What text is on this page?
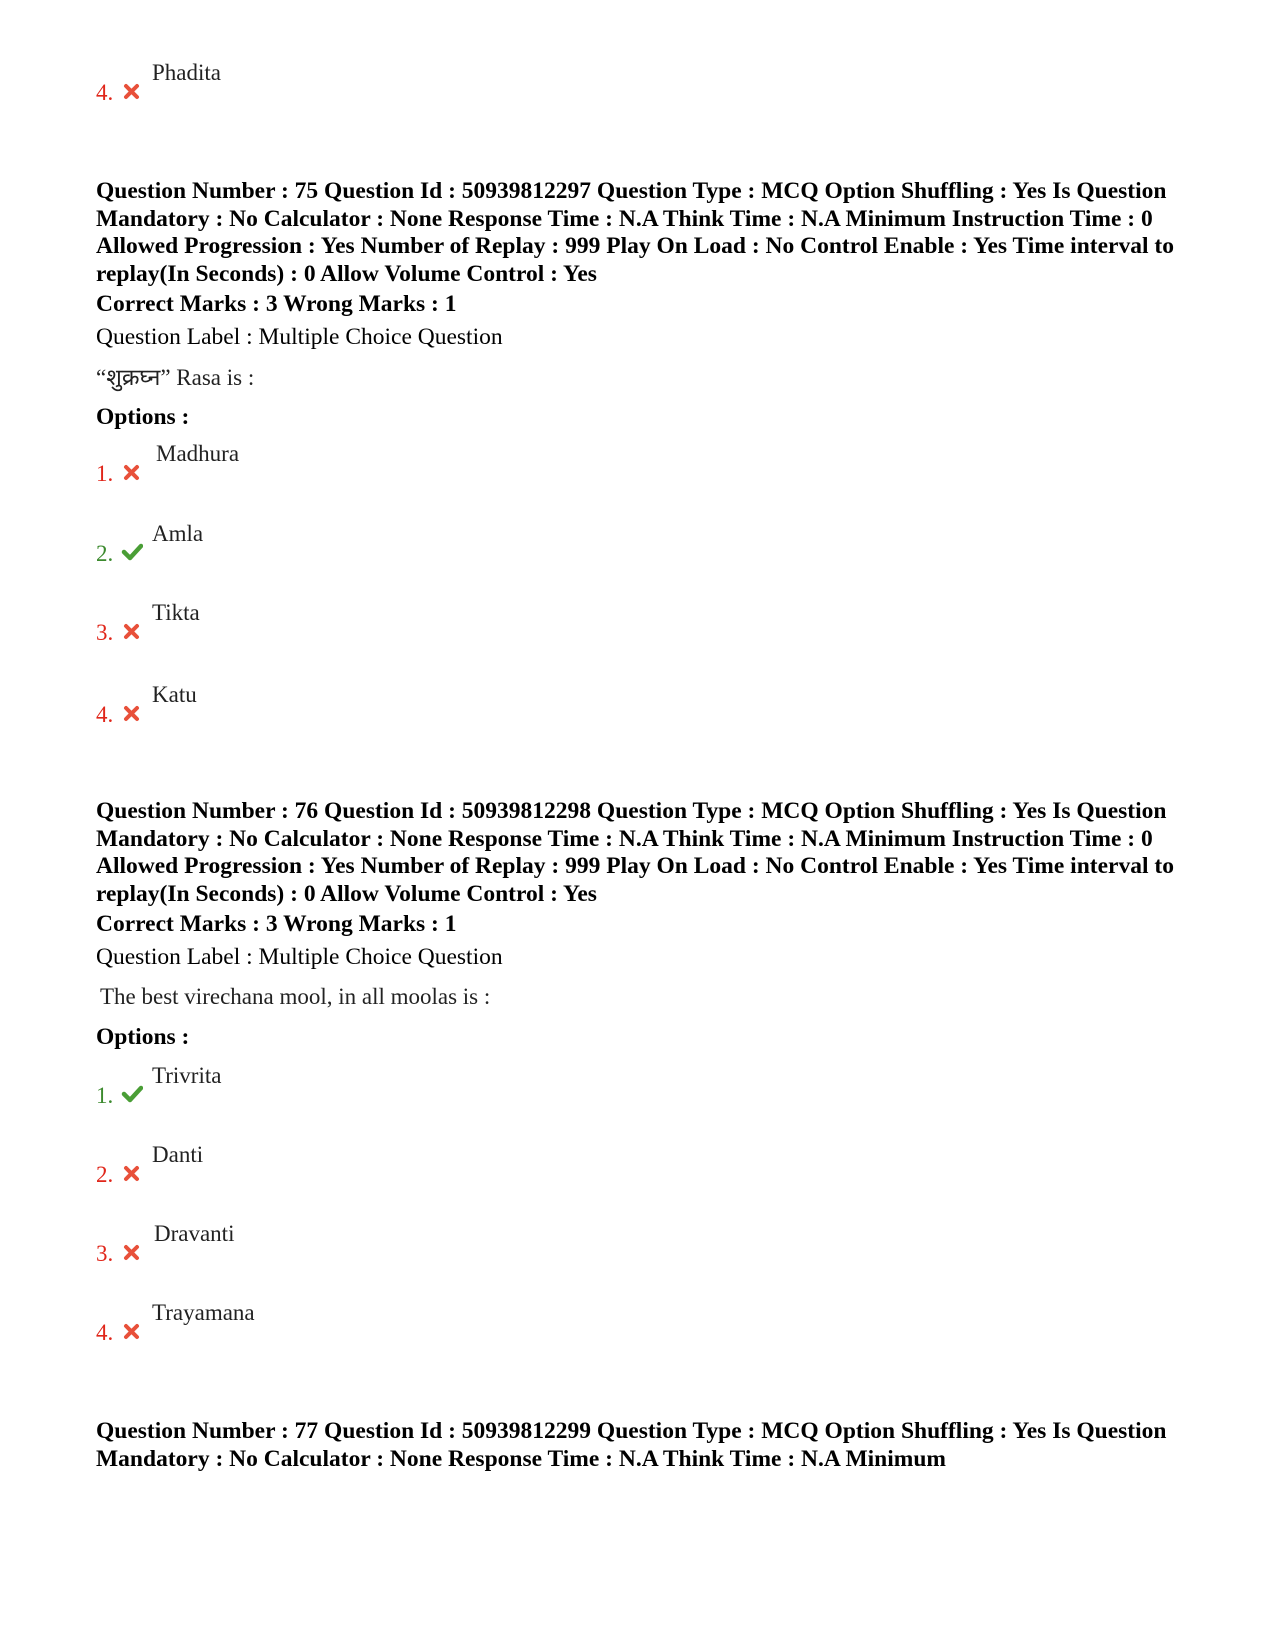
4.
Phadita

Question Number : 75 Question Id : 50939812297 Question Type : MCQ Option Shuffling : Yes Is Question Mandatory : No Calculator : None Response Time : N.A Think Time : N.A Minimum Instruction Time : 0 Allowed Progression : Yes Number of Replay : 999 Play On Load : No Control Enable : Yes Time interval to replay(In Seconds) : 0 Allow Volume Control : Yes

Correct Marks : 3 Wrong Marks : 1

Question Label : Multiple Choice Question

“शुक्रघ्न” Rasa is :

Options :

1.
Madhura
2.
Amla
3.
Tikta
4.
Katu

Question Number : 76 Question Id : 50939812298 Question Type : MCQ Option Shuffling : Yes Is Question Mandatory : No Calculator : None Response Time : N.A Think Time : N.A Minimum Instruction Time : 0 Allowed Progression : Yes Number of Replay : 999 Play On Load : No Control Enable : Yes Time interval to replay(In Seconds) : 0 Allow Volume Control : Yes

Correct Marks : 3 Wrong Marks : 1

Question Label : Multiple Choice Question

The best virechana mool, in all moolas is :

Options :

1.
Trivrita
2.
Danti
3.
Dravanti
4.
Trayamana

Question Number : 77 Question Id : 50939812299 Question Type : MCQ Option Shuffling : Yes Is Question Mandatory : No Calculator : None Response Time : N.A Think Time : N.A Minimum
